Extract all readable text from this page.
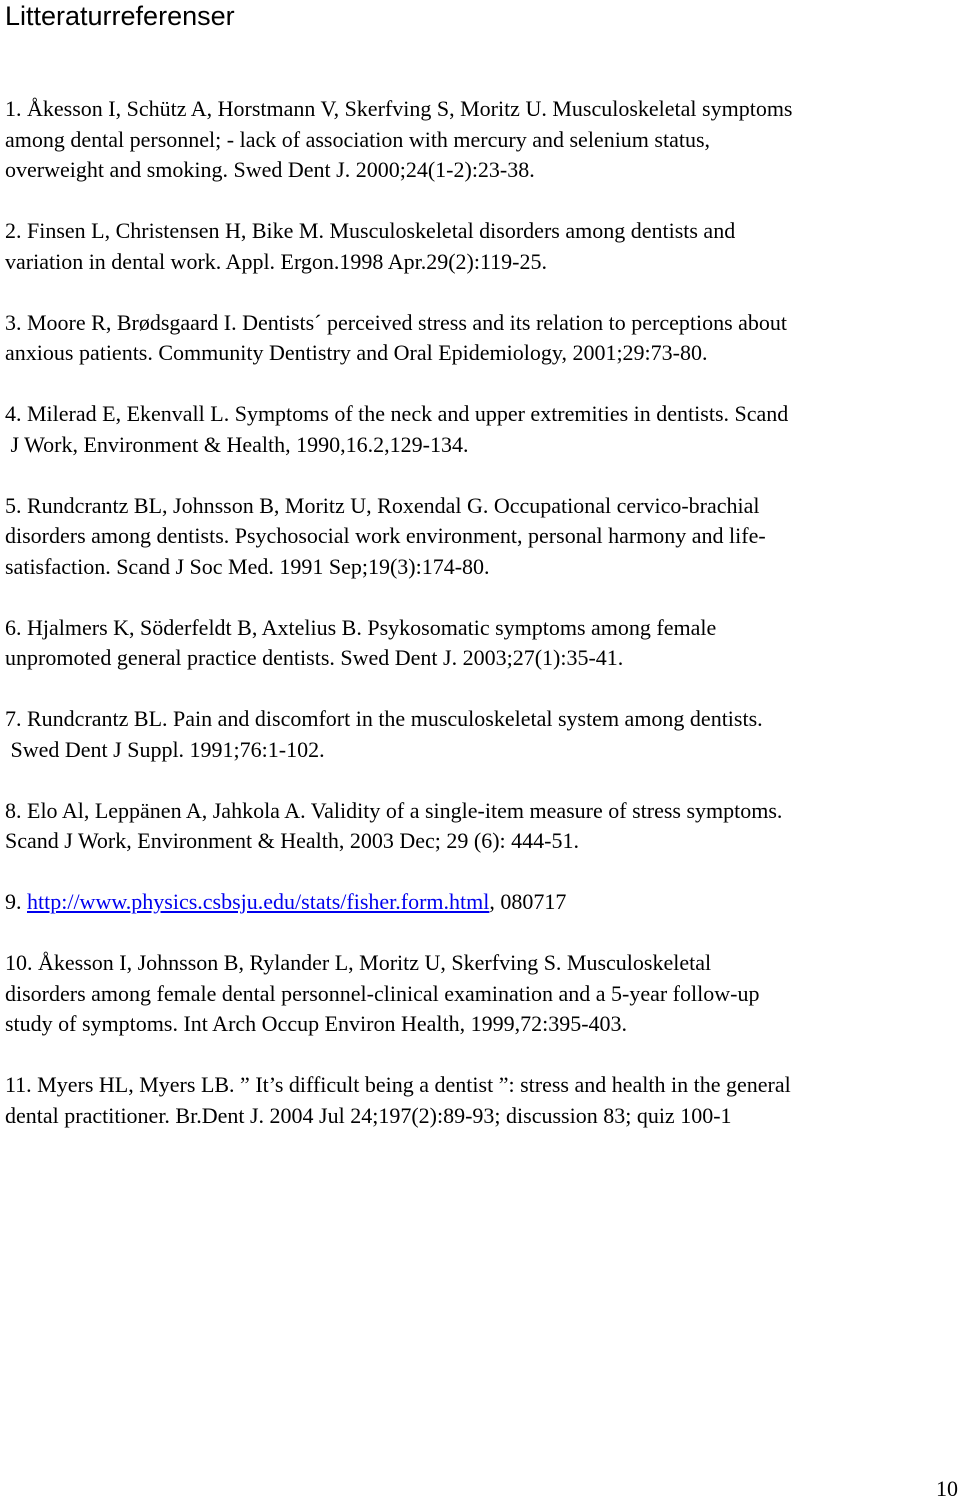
Litteraturreferenser
1. Åkesson I, Schütz A, Horstmann V, Skerfving S, Moritz U. Musculoskeletal symptoms
among dental personnel; - lack of association with mercury and selenium status,
overweight and smoking. Swed Dent J. 2000;24(1-2):23-38.
2. Finsen L, Christensen H, Bike M. Musculoskeletal disorders among dentists and
variation in dental work. Appl. Ergon.1998 Apr.29(2):119-25.
3. Moore R, Brødsgaard I. Dentists´ perceived stress and its relation to perceptions about
anxious patients. Community Dentistry and Oral Epidemiology, 2001;29:73-80.
4. Milerad E, Ekenvall L. Symptoms of the neck and upper extremities in dentists. Scand
J Work, Environment & Health, 1990,16.2,129-134.
5. Rundcrantz BL, Johnsson B, Moritz U, Roxendal G. Occupational cervico-brachial
disorders among dentists. Psychosocial work environment, personal harmony and life-
satisfaction. Scand J Soc Med. 1991 Sep;19(3):174-80.
6. Hjalmers K, Söderfeldt B, Axtelius B. Psykosomatic symptoms among female
unpromoted general practice dentists. Swed Dent J. 2003;27(1):35-41.
7. Rundcrantz BL. Pain and discomfort in the musculoskeletal system among dentists.
Swed Dent J Suppl. 1991;76:1-102.
8. Elo Al, Leppänen A, Jahkola A. Validity of a single-item measure of stress symptoms.
Scand J Work, Environment & Health, 2003 Dec; 29 (6): 444-51.
9. http://www.physics.csbsju.edu/stats/fisher.form.html, 080717
10. Åkesson I, Johnsson B, Rylander L, Moritz U, Skerfving S. Musculoskeletal
disorders among female dental personnel-clinical examination and a 5-year follow-up
study of symptoms. Int Arch Occup Environ Health, 1999,72:395-403.
11. Myers HL, Myers LB. ” It’s difficult being a dentist ”: stress and health in the general
dental practitioner. Br.Dent J. 2004 Jul 24;197(2):89-93; discussion 83; quiz 100-1
10
